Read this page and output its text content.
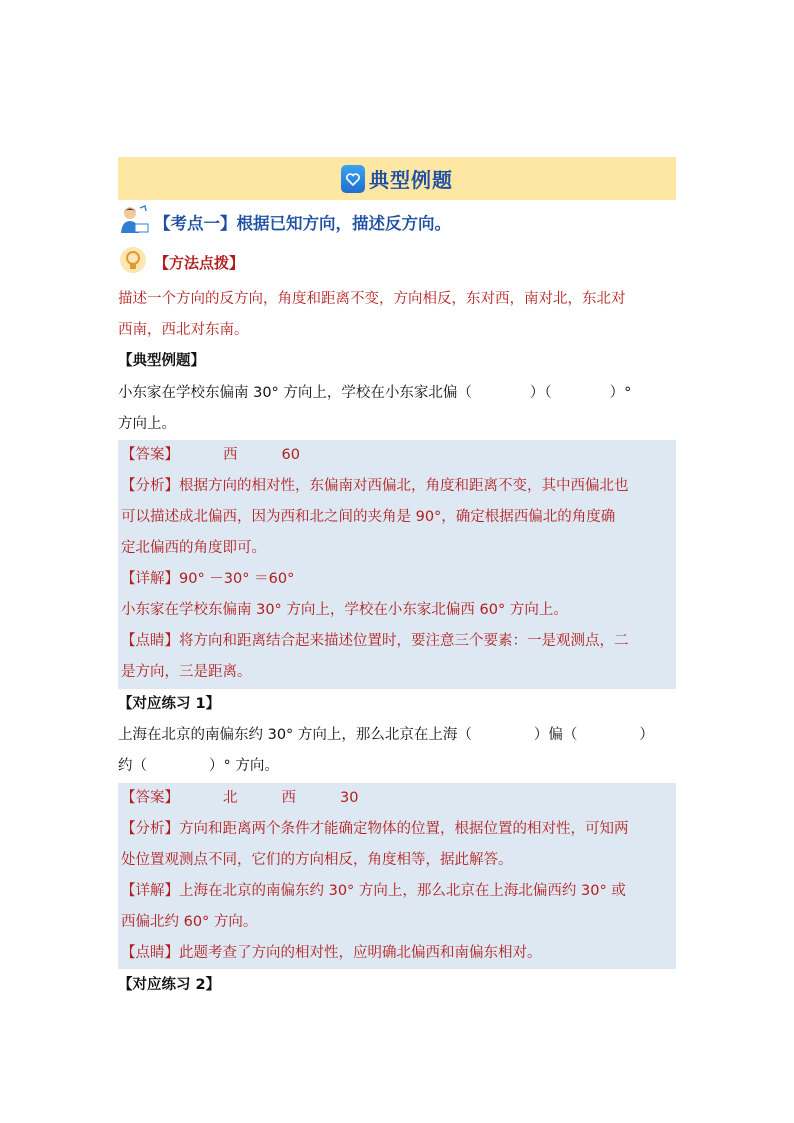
典型例题
【考点一】根据已知方向，描述反方向。
【方法点拨】
描述一个方向的反方向，角度和距离不变，方向相反，东对西，南对北，东北对
西南，西北对东南。
【典型例题】
小东家在学校东偏南 30° 方向上，学校在小东家北偏（	）（	）°
方向上。
【答案】	西	60
【分析】根据方向的相对性，东偏南对西偏北，角度和距离不变，其中西偏北也
可以描述成北偏西，因为西和北之间的夹角是 90°，确定根据西偏北的角度确
定北偏西的角度即可。
【详解】90° －30° ＝60°
小东家在学校东偏南 30° 方向上，学校在小东家北偏西 60° 方向上。
【点睛】将方向和距离结合起来描述位置时，要注意三个要素：一是观测点，二
是方向，三是距离。
【对应练习 1】
上海在北京的南偏东约 30° 方向上，那么北京在上海（	）偏（	）
约（	）° 方向。
【答案】	北	西	30
【分析】方向和距离两个条件才能确定物体的位置，根据位置的相对性，可知两
处位置观测点不同，它们的方向相反，角度相等，据此解答。
【详解】上海在北京的南偏东约 30° 方向上，那么北京在上海北偏西约 30° 或
西偏北约 60° 方向。
【点睛】此题考查了方向的相对性，应明确北偏西和南偏东相对。
【对应练习 2】
